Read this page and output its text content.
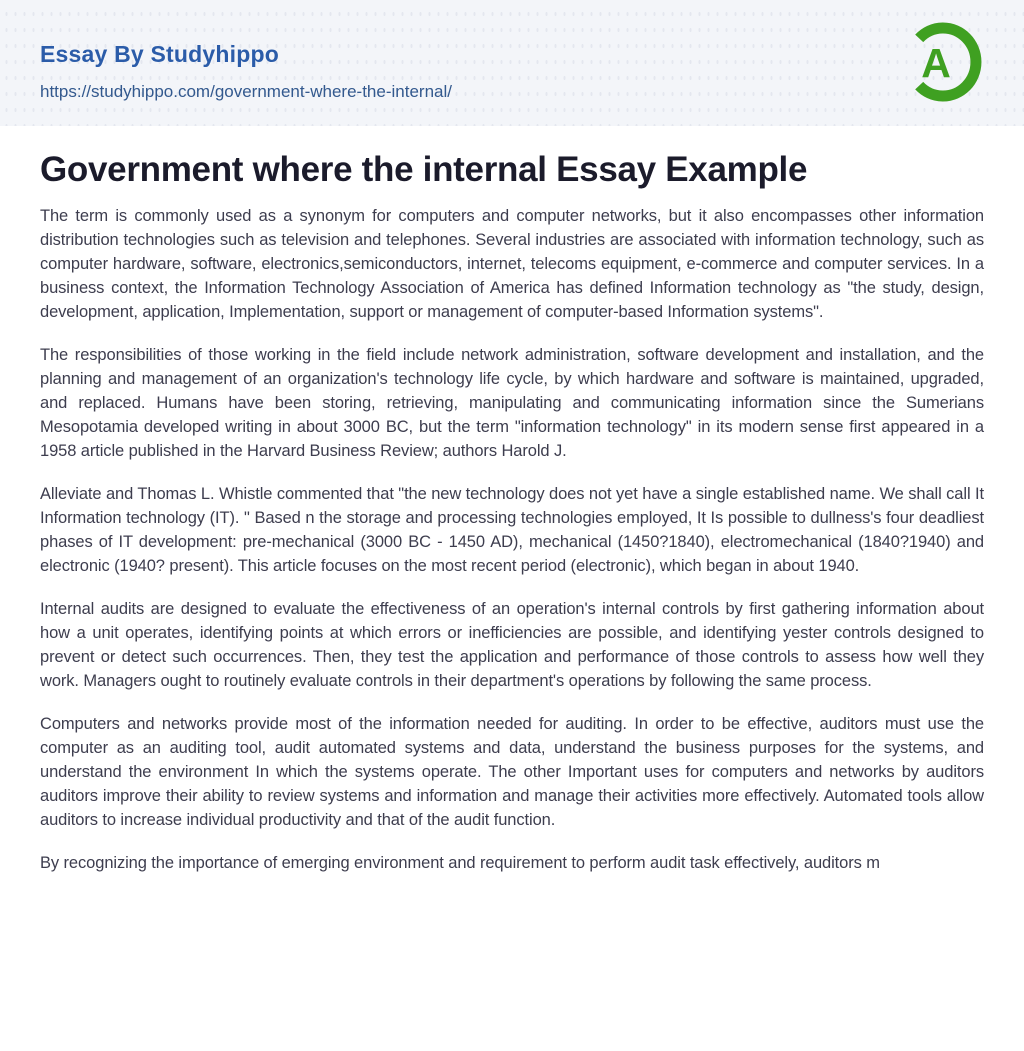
Essay By Studyhippo
https://studyhippo.com/government-where-the-internal/
A
Government where the internal Essay Example

The term is commonly used as a synonym for computers and computer networks, but it also encompasses other information distribution technologies such as television and telephones. Several industries are associated with information technology, such as computer hardware, software, electronics,semiconductors, internet, telecoms equipment, e-commerce and computer services. In a business context, the Information Technology Association of America has defined Information technology as "the study, design, development, application, Implementation, support or management of computer-based Information systems".

The responsibilities of those working in the field include network administration, software development and installation, and the planning and management of an organization's technology life cycle, by which hardware and software is maintained, upgraded, and replaced. Humans have been storing, retrieving, manipulating and communicating information since the Sumerians Mesopotamia developed writing in about 3000 BC, but the term "information technology" in its modern sense first appeared in a 1958 article published in the Harvard Business Review; authors Harold J.

Alleviate and Thomas L. Whistle commented that "the new technology does not yet have a single established name. We shall call It Information technology (IT). " Based n the storage and processing technologies employed, It Is possible to dullness's four deadliest phases of IT development: pre-mechanical (3000 BC - 1450 AD), mechanical (1450?1840), electromechanical (1840?1940) and electronic (1940? present). This article focuses on the most recent period (electronic), which began in about 1940.

Internal audits are designed to evaluate the effectiveness of an operation's internal controls by first gathering information about how a unit operates, identifying points at which errors or inefficiencies are possible, and identifying yester controls designed to prevent or detect such occurrences. Then, they test the application and performance of those controls to assess how well they work. Managers ought to routinely evaluate controls in their department's operations by following the same process.

Computers and networks provide most of the information needed for auditing. In order to be effective, auditors must use the computer as an auditing tool, audit automated systems and data, understand the business purposes for the systems, and understand the environment In which the systems operate. The other Important uses for computers and networks by auditors auditors improve their ability to review systems and information and manage their activities more effectively. Automated tools allow auditors to increase individual productivity and that of the audit function.

By recognizing the importance of emerging environment and requirement to perform audit task effectively, auditors m
